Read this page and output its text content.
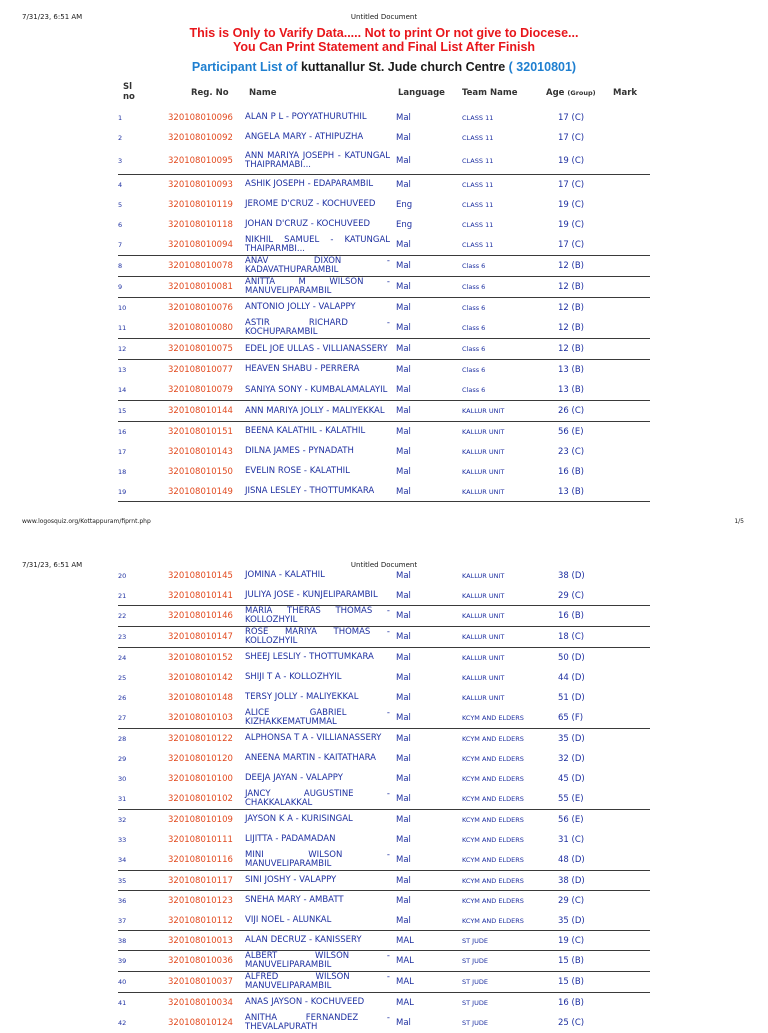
7/31/23, 6:51 AM	Untitled Document
This is Only to Varify Data..... Not to print Or not give to Diocese...
You Can Print Statement and Final List After Finish
Participant List of kuttanallur St. Jude church Centre ( 32010801)
Sl no	Reg. No Name	Language Team Name	Age (Group) Mark
1	320108010096	ALAN P L - POYYATHURUTHIL	Mal	CLASS 11	17 (C)
2	320108010092	ANGELA MARY - ATHIPUZHA	Mal	CLASS 11	17 (C)
3	320108010095	ANN MARIYA JOSEPH - KATUNGAL THAIPRAMABI...	Mal	CLASS 11	19 (C)
4	320108010093	ASHIK JOSEPH - EDAPARAMBIL	Mal	CLASS 11	17 (C)
5	320108010119	JEROME D'CRUZ - KOCHUVEED	Eng	CLASS 11	19 (C)
6	320108010118	JOHAN D'CRUZ - KOCHUVEED	Eng	CLASS 11	19 (C)
7	320108010094	NIKHIL SAMUEL - KATUNGAL THAIPARMBI...	Mal	CLASS 11	17 (C)
8	320108010078	ANAV DIXON - KADAVATHUPARAMBIL	Mal	Class 6	12 (B)
9	320108010081	ANITTA M WILSON - MANUVELIPARAMBIL	Mal	Class 6	12 (B)
10	320108010076	ANTONIO JOLLY - VALAPPY	Mal	Class 6	12 (B)
11	320108010080	ASTIR RICHARD - KOCHUPARAMBIL	Mal	Class 6	12 (B)
12	320108010075	EDEL JOE ULLAS - VILLIANASSERY Mal	Class 6	12 (B)
13	320108010077	HEAVEN SHABU - PERRERA	Mal	Class 6	13 (B)
14	320108010079	SANIYA SONY - KUMBALAMALAYIL	Mal	Class 6	13 (B)
15	320108010144	ANN MARIYA JOLLY - MALIYEKKAL	Mal	KALLUR UNIT	26 (C)
16	320108010151	BEENA KALATHIL - KALATHIL	Mal	KALLUR UNIT	56 (E)
17	320108010143	DILNA JAMES - PYNADATH	Mal	KALLUR UNIT	23 (C)
18	320108010150	EVELIN ROSE - KALATHIL	Mal	KALLUR UNIT	16 (B)
19	320108010149	JISNA LESLEY - THOTTUMKARA	Mal	KALLUR UNIT	13 (B)
www.logosquiz.org/Kottappuram/fiprnt.php	1/5
7/31/23, 6:51 AM	Untitled Document
20	320108010145	JOMINA - KALATHIL	Mal	KALLUR UNIT	38 (D)
21	320108010141	JULIYA JOSE - KUNJELIPARAMBIL	Mal	KALLUR UNIT	29 (C)
22	320108010146	MARIA THERAS THOMAS - KOLLOZHYIL	Mal	KALLUR UNIT	16 (B)
23	320108010147	ROSE MARIYA THOMAS - KOLLOZHYIL	Mal	KALLUR UNIT	18 (C)
24	320108010152	SHEEJ LESLIY - THOTTUMKARA	Mal	KALLUR UNIT	50 (D)
25	320108010142	SHIJI T A - KOLLOZHYIL	Mal	KALLUR UNIT	44 (D)
26	320108010148	TERSY JOLLY - MALIYEKKAL	Mal	KALLUR UNIT	51 (D)
27	320108010103	ALICE GABRIEL - KIZHAKKEMATUMMAL	Mal	KCYM AND ELDERS	65 (F)
28	320108010122	ALPHONSA T A - VILLIANASSERY	Mal	KCYM AND ELDERS	35 (D)
29	320108010120	ANEENA MARTIN - KAITATHARA	Mal	KCYM AND ELDERS	32 (D)
30	320108010100	DEEJA JAYAN - VALAPPY	Mal	KCYM AND ELDERS	45 (D)
31	320108010102	JANCY AUGUSTINE - CHAKKALAKKAL	Mal	KCYM AND ELDERS	55 (E)
32	320108010109	JAYSON K A - KURISINGAL	Mal	KCYM AND ELDERS	56 (E)
33	320108010111	LIJITTA - PADAMADAN	Mal	KCYM AND ELDERS	31 (C)
34	320108010116	MINI WILSON - MANUVELIPARAMBIL	Mal	KCYM AND ELDERS	48 (D)
35	320108010117	SINI JOSHY - VALAPPY	Mal	KCYM AND ELDERS	38 (D)
36	320108010123	SNEHA MARY - AMBATT	Mal	KCYM AND ELDERS	29 (C)
37	320108010112	VIJI NOEL - ALUNKAL	Mal	KCYM AND ELDERS	35 (D)
38	320108010013	ALAN DECRUZ - KANISSERY	MAL	ST JUDE	19 (C)
39	320108010036	ALBERT WILSON - MANUVELIPARAMBIL	MAL	ST JUDE	15 (B)
40	320108010037	ALFRED WILSON - MANUVELIPARAMBIL	MAL	ST JUDE	15 (B)
41	320108010034	ANAS JAYSON - KOCHUVEED	MAL	ST JUDE	16 (B)
42	320108010124	ANITHA FERNANDEZ - THEVALAPURATH	Mal	ST JUDE	25 (C)
